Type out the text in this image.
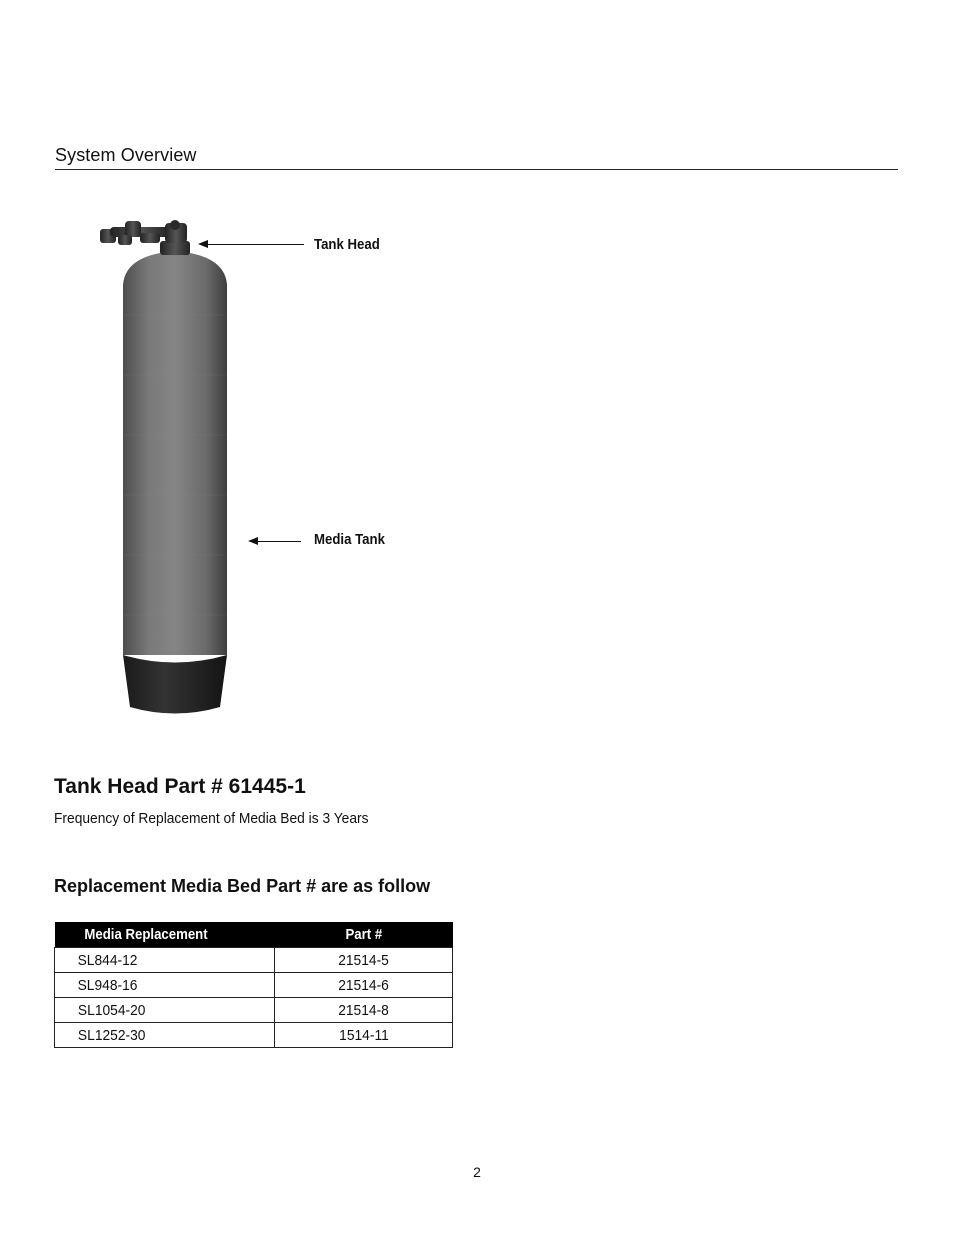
System Overview
Tank Head
Media Tank
Tank Head Part # 61445-1
Frequency of Replacement of Media Bed is 3 Years
Replacement Media Bed Part # are as follow
Media Replacement	Part #
SL844-12	21514-5
SL948-16	21514-6
SL1054-20	21514-8
SL1252-30	1514-11
2
